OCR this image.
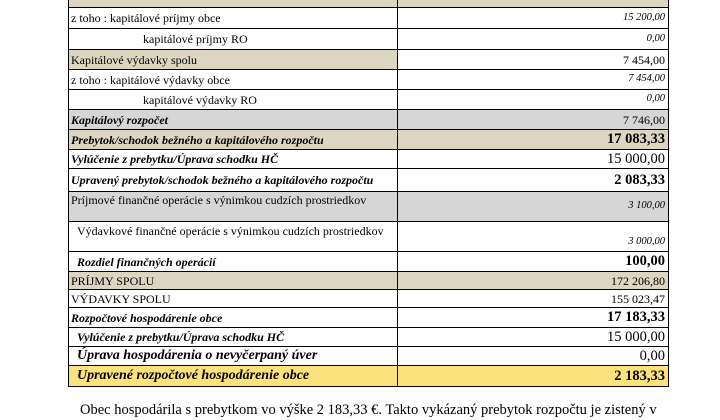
z toho : kapitálové príjmy obce	15 200,00
kapitálové príjmy RO	0,00
Kapitálové výdavky spolu	7 454,00
z toho : kapitálové výdavky obce	7 454,00
kapitálové výdavky RO	0,00
Kapitálový rozpočet	7 746,00
Prebytok/schodok bežného a kapitálového rozpočtu	17 083,33
Vylúčenie z prebytku/Úprava schodku HČ	15 000,00
Upravený prebytok/schodok bežného a kapitálového rozpočtu	2 083,33
Príjmové finančné operácie s výnimkou cudzích prostriedkov	3 100,00
Výdavkové finančné operácie s výnimkou cudzích prostriedkov	3 000,00
Rozdiel finančných operácií	100,00
PRÍJMY SPOLU	172 206,80
VÝDAVKY SPOLU	155 023,47
Rozpočtové hospodárenie obce	17 183,33
Vylúčenie z prebytku/Úprava schodku HČ	15 000,00
Úprava hospodárenia o nevyčerpaný úver	0,00
Upravené rozpočtové hospodárenie obce	2 183,33

Obec hospodárila s prebytkom vo výške 2 183,33 €. Takto vykázaný prebytok rozpočtu je zistený v
